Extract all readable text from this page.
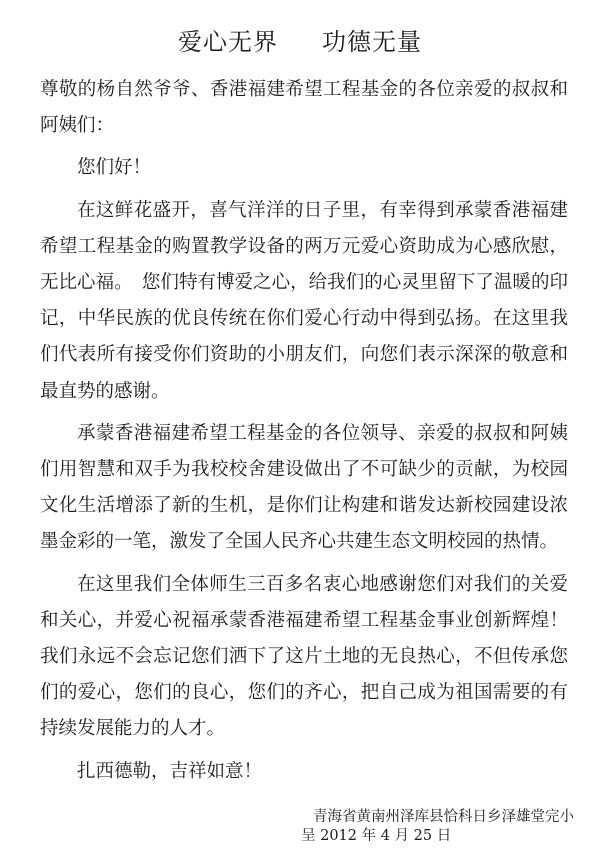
爱心无界 功德无量

尊敬的杨自然爷爷、香港福建希望工程基金的各位亲爱的叔叔和阿姨们：

您们好！

在这鲜花盛开，喜气洋洋的日子里，有幸得到承蒙香港福建希望工程基金的购置教学设备的两万元爱心资助成为心感欣慰，无比心福。　您们特有博爱之心，给我们的心灵里留下了温暖的印记，中华民族的优良传统在你们爱心行动中得到弘扬。在这里我们代表所有接受你们资助的小朋友们，向您们表示深深的敬意和最直势的感谢。

承蒙香港福建希望工程基金的各位领导、亲爱的叔叔和阿姨们用智慧和双手为我校校舍建设做出了不可缺少的贡献，为校园文化生活增添了新的生机，是你们让构建和谐发达新校园建设浓墨金彩的一笔，激发了全国人民齐心共建生态文明校园的热情。

在这里我们全体师生三百多名衷心地感谢您们对我们的关爱和关心，并爱心祝福承蒙香港福建希望工程基金事业创新辉煌！我们永远不会忘记您们洒下了这片土地的无良热心，不但传承您们的爱心，您们的良心，您们的齐心，把自己成为祖国需要的有持续发展能力的人才。

扎西德勒，吉祥如意！

青海省黄南州泽库县恰科日乡泽雄堂完小
呈 2012 年 4 月 25 日
